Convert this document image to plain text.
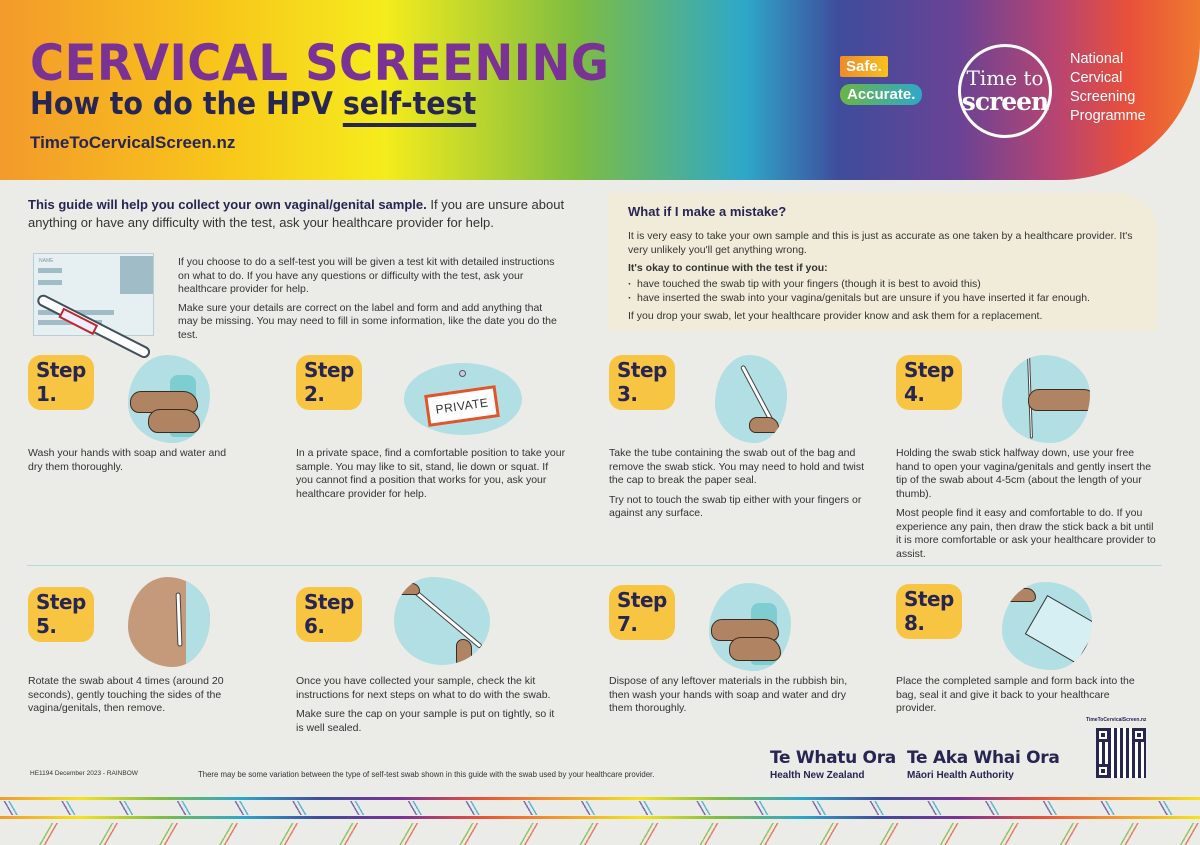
CERVICAL SCREENING
How to do the HPV self-test
TimeToCervicalScreen.nz
Safe.
Accurate.
Time to
screen
National
Cervical
Screening
Programme
This guide will help you collect your own vaginal/genital sample. If you are unsure about anything or have any difficulty with the test, ask your healthcare provider for help.
NAME	If you choose to do a self-test you will be given a test kit with detailed instructions on what to do. If you have any questions or difficulty with the test, ask your healthcare provider for help.

Make sure your details are correct on the label and form and add anything that may be missing. You may need to fill in some information, like the date you do the test.

What if I make a mistake?

It is very easy to take your own sample and this is just as accurate as one taken by a healthcare provider. It's very unlikely you'll get anything wrong.

It's okay to continue with the test if you:

· have touched the swab tip with your fingers (though it is best to avoid this)
· have inserted the swab into your vagina/genitals but are unsure if you have inserted it far enough.

If you drop your swab, let your healthcare provider know and ask them for a replacement.

Step 1.

Wash your hands with soap and water and dry them thoroughly.

Step 2.
PRIVATE

In a private space, find a comfortable position to take your sample. You may like to sit, stand, lie down or squat. If you cannot find a position that works for you, ask your healthcare provider for help.

Step 3.

Take the tube containing the swab out of the bag and remove the swab stick. You may need to hold and twist the cap to break the paper seal.

Try not to touch the swab tip either with your fingers or against any surface.

Step 4.

Holding the swab stick halfway down, use your free hand to open your vagina/genitals and gently insert the tip of the swab about 4-5cm (about the length of your thumb).

Most people find it easy and comfortable to do. If you experience any pain, then draw the stick back a bit until it is more comfortable or ask your healthcare provider to assist.

Step 5.

Rotate the swab about 4 times (around 20 seconds), gently touching the sides of the vagina/genitals, then remove.

Step 6.

Once you have collected your sample, check the kit instructions for next steps on what to do with the swab.

Make sure the cap on your sample is put on tightly, so it is well sealed.

Step 7.

Dispose of any leftover materials in the rubbish bin, then wash your hands with soap and water and dry them thoroughly.

Step 8.

Place the completed sample and form back into the bag, seal it and give it back to your healthcare provider.

HE1194 December 2023 - RAINBOW	There may be some variation between the type of self-test swab shown in this guide with the swab used by your healthcare provider.
Te Whatu Ora
Health New Zealand
Te Aka Whai Ora
Māori Health Authority
TimeToCervicalScreen.nz
